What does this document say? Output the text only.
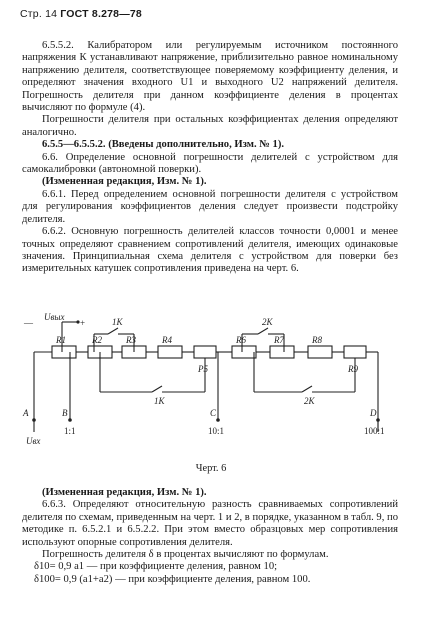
Стр. 14 ГОСТ 8.278—78

6.5.5.2. Калибратором или регулируемым источником постоянного напряжения К устанавливают напряжение, приблизительно равное номинальному напряжению делителя, соответствующее поверяемому коэффициенту деления, и определяют значения входного U1 и выходного U2 напряжений делителя. Погрешность делителя при данном коэффициенте деления в процентах вычисляют по формуле (4).

Погрешности делителя при остальных коэффициентах деления определяют аналогично.

6.5.5—6.5.5.2. (Введены дополнительно, Изм. № 1).

6.6. Определение основной погрешности делителей с устройством для самокалибровки (автономной поверки).

(Измененная редакция, Изм. № 1).

6.6.1. Перед определением основной погрешности делителя с устройством для регулирования коэффициентов деления следует произвести подстройку делителя.

6.6.2. Основную погрешность делителей классов точности 0,0001 и менее точных определяют сравнением сопротивлений делителя, имеющих одинаковые значения. Принципиальная схема делителя с устройством для поверки без измерительных катушек сопротивления приведена на черт. 6.

Uвых
+
—
R1	R2	R3	R4
P5
R6	R7	R8
R9
1К
1К
2К
2К
A	B	C	D
1:1	10:1	100:1
Uвх
Черт. 6

(Измененная редакция, Изм. № 1).

6.6.3. Определяют относительную разность сравниваемых сопротивлений делителя по схемам, приведенным на черт. 1 и 2, в порядке, указанном в табл. 9, по методике п. 6.5.2.1 и 6.5.2.2. При этом вместо образцовых мер сопротивления используют опорные сопротивления делителя.

Погрешность делителя δ в процентах вычисляют по формулам.

δ10= 0,9 a1 — при коэффициенте деления, равном 10;

δ100= 0,9 (a1+a2) — при коэффициенте деления, равном 100.
